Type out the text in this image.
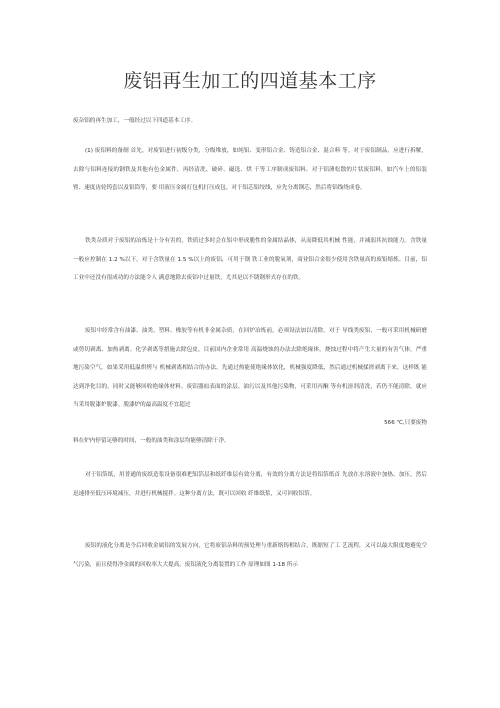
废铝再生加工的四道基本工序

废杂铝的再生加工，一般经过以下四道基本工序。

(1) 废铝料的备制 首先，对废铝进行初级分类，分级堆放，如纯铝、变形铝合金、铸造铝合金、混合料 等。对于废铝制品，应进行拆解，去除与铝料连接的钢铁及其他有色金属件，再经清洗、破碎、磁选、烘 干等工序制成废铝料。对于铝薄松散的片状废铝料，如汽车上的铝装臂、速度齿轮铸套以及铝筒等，要 用液压金属打包机打压成包。对于铝芯铝绞线，应先分离钢芯，然后将铝线绕成卷。

铁类杂质对于废铝的冶炼是十分有害的，铁质过多时会在铝中形成脆性的金属结晶体，从而降低其机械 性能，并减弱其抗蚀能力。含铁量一般应控制在 1.2 %以下。对于含铁量在 1.5 %以上的废铝，可用于钢 铁工业的脱氧剂，商业铝合金很少使用含铁量高的废铝熔炼。目前，铝工业中还没有很成功的方法能令人 满意地除去废铝中过量铁，尤其是以不锈钢形式存在的铁。

废铝中经常含有油漆、油类、塑料、橡胶等有机非金属杂质，在回炉冶炼前，必须设法加以清除。对于 导线类废铝，一般可采用机械研磨或剪切剥离、加热剥离、化学剥离等措施去除包皮。目前国内企业常用 高温烧蚀的办法去除绝缘体，烧蚀过程中将产生大量的有害气体，严重地污染空气。如果采用低温烘烤与 机械剥离相结合的办法，先通过热能使绝缘体软化，机械强度降低，然后通过机械揉搓剥离下来，这样既 能达到净化目的，同时又能够回收绝缘体材料。废铝器皿表面的涂层、油污以及其他污染物，可采用丙酮 等有机溶剂清洗，若仍不能清除，就应当采用脱漆炉脱漆。脱漆炉的最高温度不宜超过

566 ℃,只要废物

料在炉内停留足够的时间，一般的油类和涂层均能够清除干净。

对于铝箔纸，用普通的废纸造浆设备很难把铝箔层和纸纤维层有效分离，有效的分离方法是将铝箔纸首 先放在水溶液中加热、加压，然后迅速排至低压环境减压，并进行机械搅拌。这种分离方法，既可以回收 纤维纸浆，又可回收铝箔。

废铝的液化分离是今后回收金属铝的发展方向，它将废铝杂料的预处理与重新熔铸相结合，既缩短了工 艺流程，又可以最大限度地避免空气污染，而且使得净金属的回收率大大提高。废铝液化分离装置的工作 原理如图 1-18 所示
